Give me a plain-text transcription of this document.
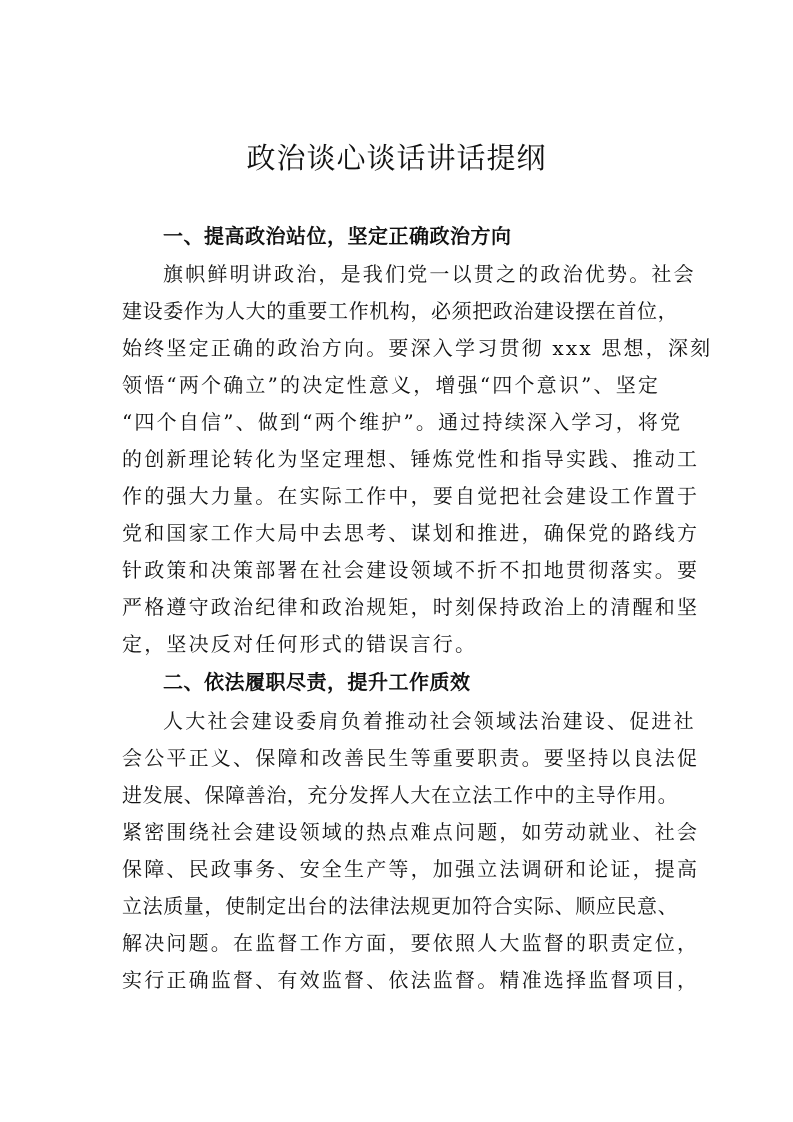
政治谈心谈话讲话提纲
一、提高政治站位，坚定正确政治方向

旗帜鲜明讲政治，是我们党一以贯之的政治优势。社会

建设委作为人大的重要工作机构，必须把政治建设摆在首位，

始终坚定正确的政治方向。要深入学习贯彻 xxx 思想，深刻

领悟“两个确立”的决定性意义，增强“四个意识”、坚定

“四个自信”、做到“两个维护”。通过持续深入学习，将党

的创新理论转化为坚定理想、锤炼党性和指导实践、推动工

作的强大力量。在实际工作中，要自觉把社会建设工作置于

党和国家工作大局中去思考、谋划和推进，确保党的路线方

针政策和决策部署在社会建设领域不折不扣地贯彻落实。要

严格遵守政治纪律和政治规矩，时刻保持政治上的清醒和坚

定，坚决反对任何形式的错误言行。

二、依法履职尽责，提升工作质效

人大社会建设委肩负着推动社会领域法治建设、促进社

会公平正义、保障和改善民生等重要职责。要坚持以良法促

进发展、保障善治，充分发挥人大在立法工作中的主导作用。

紧密围绕社会建设领域的热点难点问题，如劳动就业、社会

保障、民政事务、安全生产等，加强立法调研和论证，提高

立法质量，使制定出台的法律法规更加符合实际、顺应民意、

解决问题。在监督工作方面，要依照人大监督的职责定位，

实行正确监督、有效监督、依法监督。精准选择监督项目，
